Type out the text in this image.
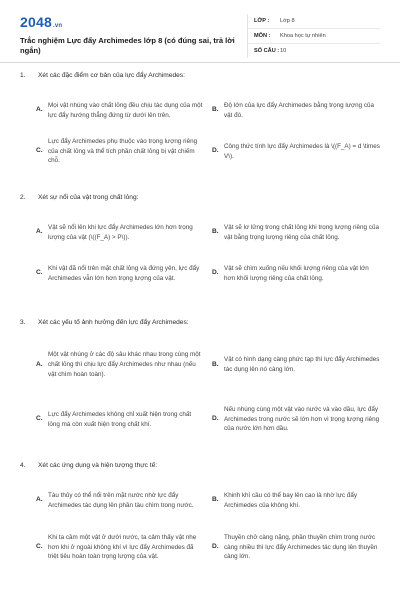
2048.vn
Trắc nghiệm Lực đẩy Archimedes lớp 8 (có đúng sai, trả lời ngắn)
LỚP :	Lớp 8
MÔN :	Khoa học tự nhiên
SỐ CÂU : 10
1.	Xét các đặc điểm cơ bản của lực đẩy Archimedes:
A.
Mọi vật nhúng vào chất lỏng đều chịu tác dụng của một lực đẩy hướng thẳng đứng từ dưới lên trên.
B.
Độ lớn của lực đẩy Archimedes bằng trọng lượng của vật đó.
C.
Lực đẩy Archimedes phụ thuộc vào trọng lượng riêng của chất lỏng và thể tích phần chất lỏng bị vật chiếm chỗ.
D.
Công thức tính lực đẩy Archimedes là \((F_A) = d \times V\).
2.	Xét sự nổi của vật trong chất lỏng:
A.
Vật sẽ nổi lên khi lực đẩy Archimedes lớn hơn trọng lượng của vật (\((F_A) > P\)).
B.
Vật sẽ lơ lửng trong chất lỏng khi trọng lượng riêng của vật bằng trọng lượng riêng của chất lỏng.
C.
Khi vật đã nổi trên mặt chất lỏng và đứng yên, lực đẩy Archimedes vẫn lớn hơn trọng lượng của vật.
D.
Vật sẽ chìm xuống nếu khối lượng riêng của vật lớn hơn khối lượng riêng của chất lỏng.
3.	Xét các yếu tố ảnh hưởng đến lực đẩy Archimedes:
A.
Một vật nhúng ở các độ sâu khác nhau trong cùng một chất lỏng thì chịu lực đẩy Archimedes như nhau (nếu vật chìm hoàn toàn).
B.
Vật có hình dạng càng phức tạp thì lực đẩy Archimedes tác dụng lên nó càng lớn.
C.
Lực đẩy Archimedes không chỉ xuất hiện trong chất lỏng mà còn xuất hiện trong chất khí.
D.
Nếu nhúng cùng một vật vào nước và vào dầu, lực đẩy Archimedes trong nước sẽ lớn hơn vì trọng lượng riêng của nước lớn hơn dầu.
4.	Xét các ứng dụng và hiện tượng thực tế:
A.
Tàu thủy có thể nổi trên mặt nước nhờ lực đẩy Archimedes tác dụng lên phần tàu chìm trong nước.
B.
Khinh khí cầu có thể bay lên cao là nhờ lực đẩy Archimedes của không khí.
C.
Khi ta cầm một vật ở dưới nước, ta cảm thấy vật nhẹ hơn khi ở ngoài không khí vì lực đẩy Archimedes đã triệt tiêu hoàn toàn trọng lượng của vật.
D.
Thuyền chở càng nặng, phần thuyền chìm trong nước càng nhiều thì lực đẩy Archimedes tác dụng lên thuyền càng lớn.
